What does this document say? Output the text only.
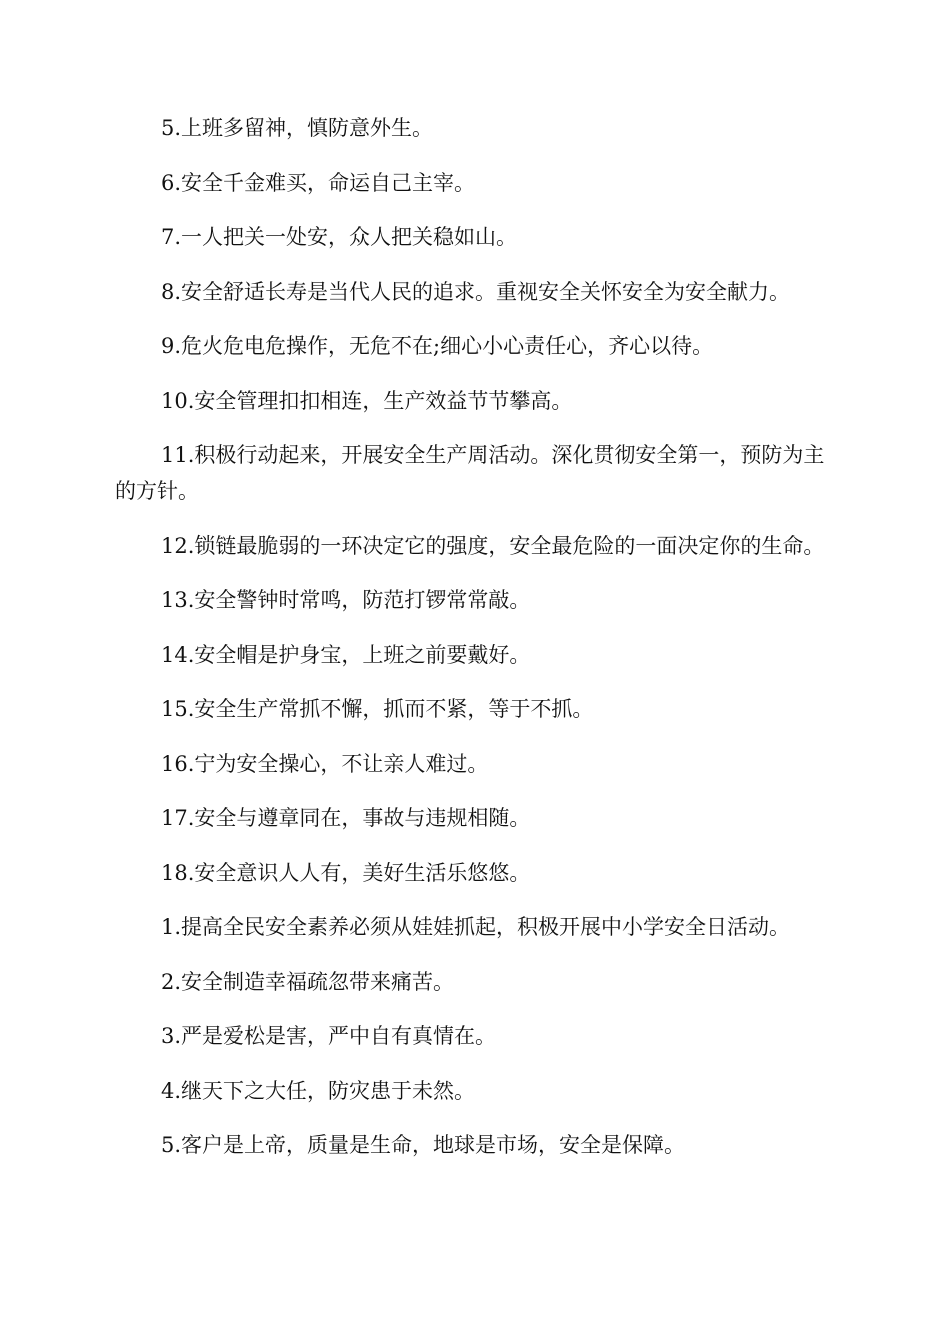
5.上班多留神，慎防意外生。

6.安全千金难买，命运自己主宰。

7.一人把关一处安，众人把关稳如山。

8.安全舒适长寿是当代人民的追求。重视安全关怀安全为安全献力。

9.危火危电危操作，无危不在;细心小心责任心，齐心以待。

10.安全管理扣扣相连，生产效益节节攀高。

11.积极行动起来，开展安全生产周活动。深化贯彻安全第一，预防为主的方针。

12.锁链最脆弱的一环决定它的强度，安全最危险的一面决定你的生命。

13.安全警钟时常鸣，防范打锣常常敲。

14.安全帽是护身宝，上班之前要戴好。

15.安全生产常抓不懈，抓而不紧，等于不抓。

16.宁为安全操心，不让亲人难过。

17.安全与遵章同在，事故与违规相随。

18.安全意识人人有，美好生活乐悠悠。

1.提高全民安全素养必须从娃娃抓起，积极开展中小学安全日活动。

2.安全制造幸福疏忽带来痛苦。

3.严是爱松是害，严中自有真情在。

4.继天下之大任，防灾患于未然。

5.客户是上帝，质量是生命，地球是市场，安全是保障。
